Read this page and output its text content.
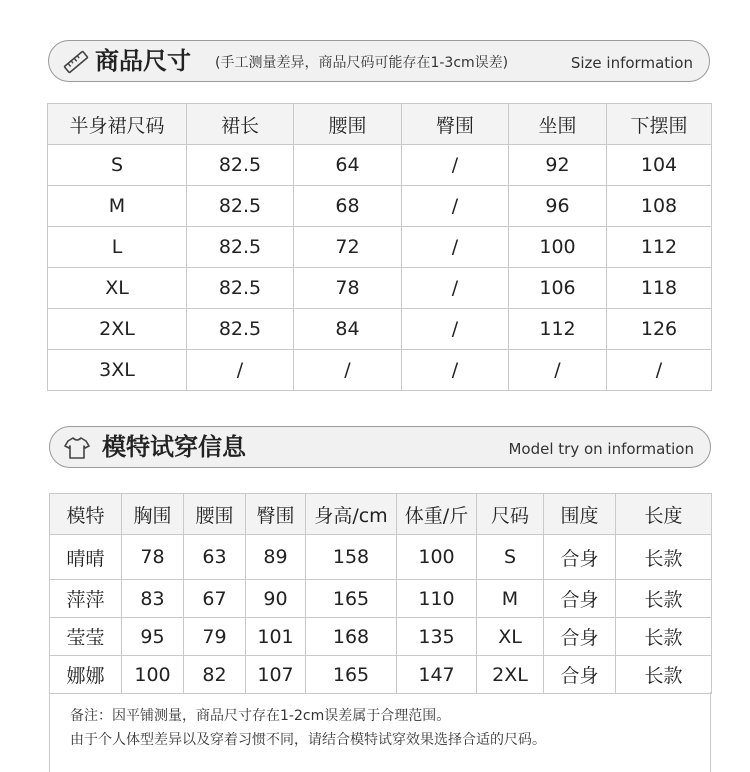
商品尺寸 (手工测量差异，商品尺码可能存在1-3cm误差)	Size information
半身裙尺码	裙长	腰围	臀围	坐围	下摆围
S	82.5	64	/	92	104
M	82.5	68	/	96	108
L	82.5	72	/	100	112
XL	82.5	78	/	106	118
2XL	82.5	84	/	112	126
3XL	/	/	/	/	/
模特试穿信息	Model try on information
模特	胸围	腰围	臀围	身高/cm	体重/斤	尺码	围度	长度
晴晴	78	63	89	158	100	S	合身	长款
萍萍	83	67	90	165	110	M	合身	长款
莹莹	95	79	101	168	135	XL	合身	长款
娜娜	100	82	107	165	147	2XL	合身	长款
备注：因平铺测量，商品尺寸存在1-2cm误差属于合理范围。
由于个人体型差异以及穿着习惯不同，请结合模特试穿效果选择合适的尺码。
